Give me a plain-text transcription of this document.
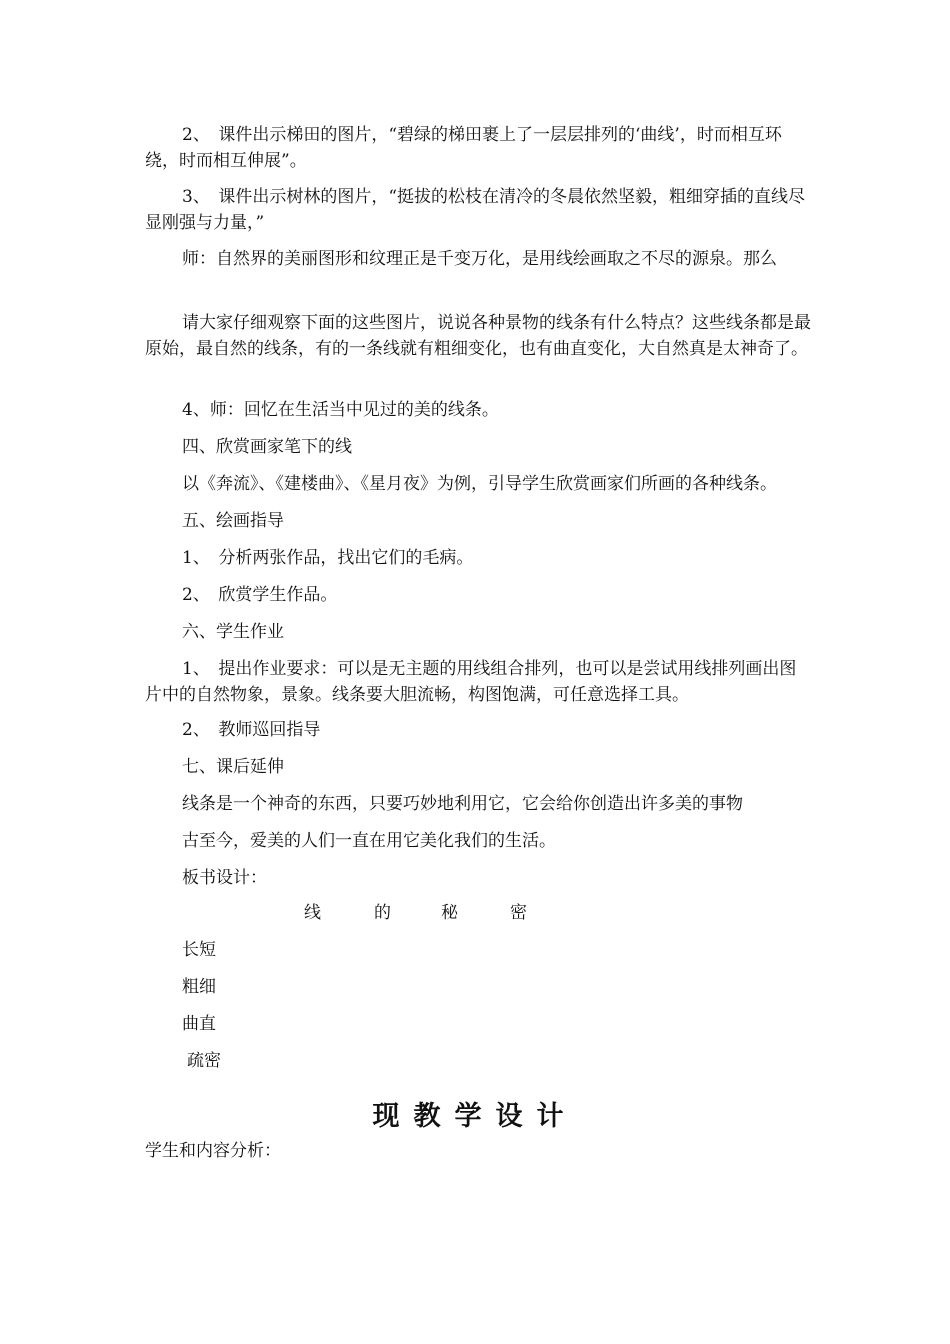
2、　课件出示梯田的图片，“碧绿的梯田裹上了一层层排列的‘曲线’，时而相互环绕，时而相互伸展”。

3、　课件出示树林的图片，“挺拔的松枝在清冷的冬晨依然坚毅，粗细穿插的直线尽显刚强与力量，”

师：自然界的美丽图形和纹理正是千变万化，是用线绘画取之不尽的源泉。那么

请大家仔细观察下面的这些图片，说说各种景物的线条有什么特点？这些线条都是最原始，最自然的线条，有的一条线就有粗细变化，也有曲直变化，大自然真是太神奇了。

4、师：回忆在生活当中见过的美的线条。

四、欣赏画家笔下的线

以《奔流》、《建楼曲》、《星月夜》为例，引导学生欣赏画家们所画的各种线条。

五、绘画指导

1、　分析两张作品，找出它们的毛病。

2、　欣赏学生作品。

六、学生作业

1、　提出作业要求：可以是无主题的用线组合排列，也可以是尝试用线排列画出图片中的自然物象，景象。线条要大胆流畅，构图饱满，可任意选择工具。

2、　教师巡回指导

七、课后延伸

线条是一个神奇的东西，只要巧妙地利用它，它会给你创造出许多美的事物

古至今，爱美的人们一直在用它美化我们的生活。

板书设计：

线	的	秘	密

长短

粗细

曲直

疏密

现教学设计

学生和内容分析：
